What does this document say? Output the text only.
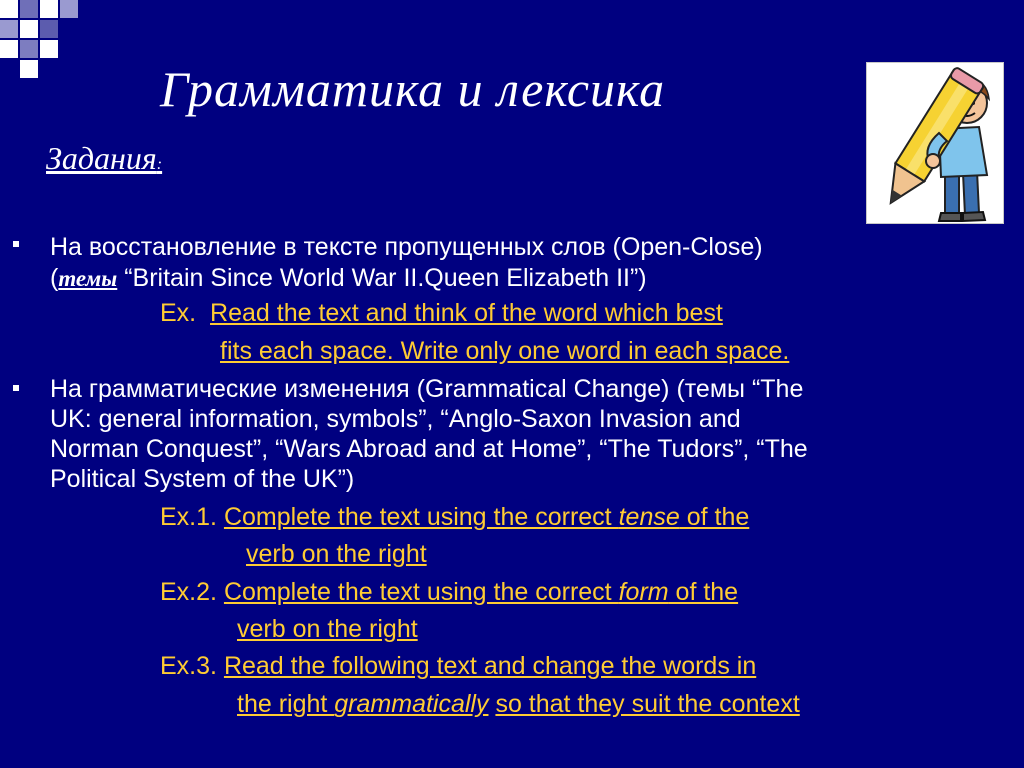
Грамматика и лексика
Задания:
На восстановление в тексте пропущенных слов (Open-Close)
(темы “Britain Since World War II.Queen Elizabeth II”)
Ex. Read the text and think of the word which best
fits each space. Write only one word in each space.
На грамматические изменения (Grammatical Change) (темы “The
UK: general information, symbols”, “Anglo-Saxon Invasion and
Norman Conquest”, “Wars Abroad and at Home”, “The Tudors”, “The
Political System of the UK”)
Ex.1. Complete the text using the correct tense of the
verb on the right
Ex.2. Complete the text using the correct form of the
verb on the right
Ex.3. Read the following text and change the words in
the right grammatically so that they suit the context
